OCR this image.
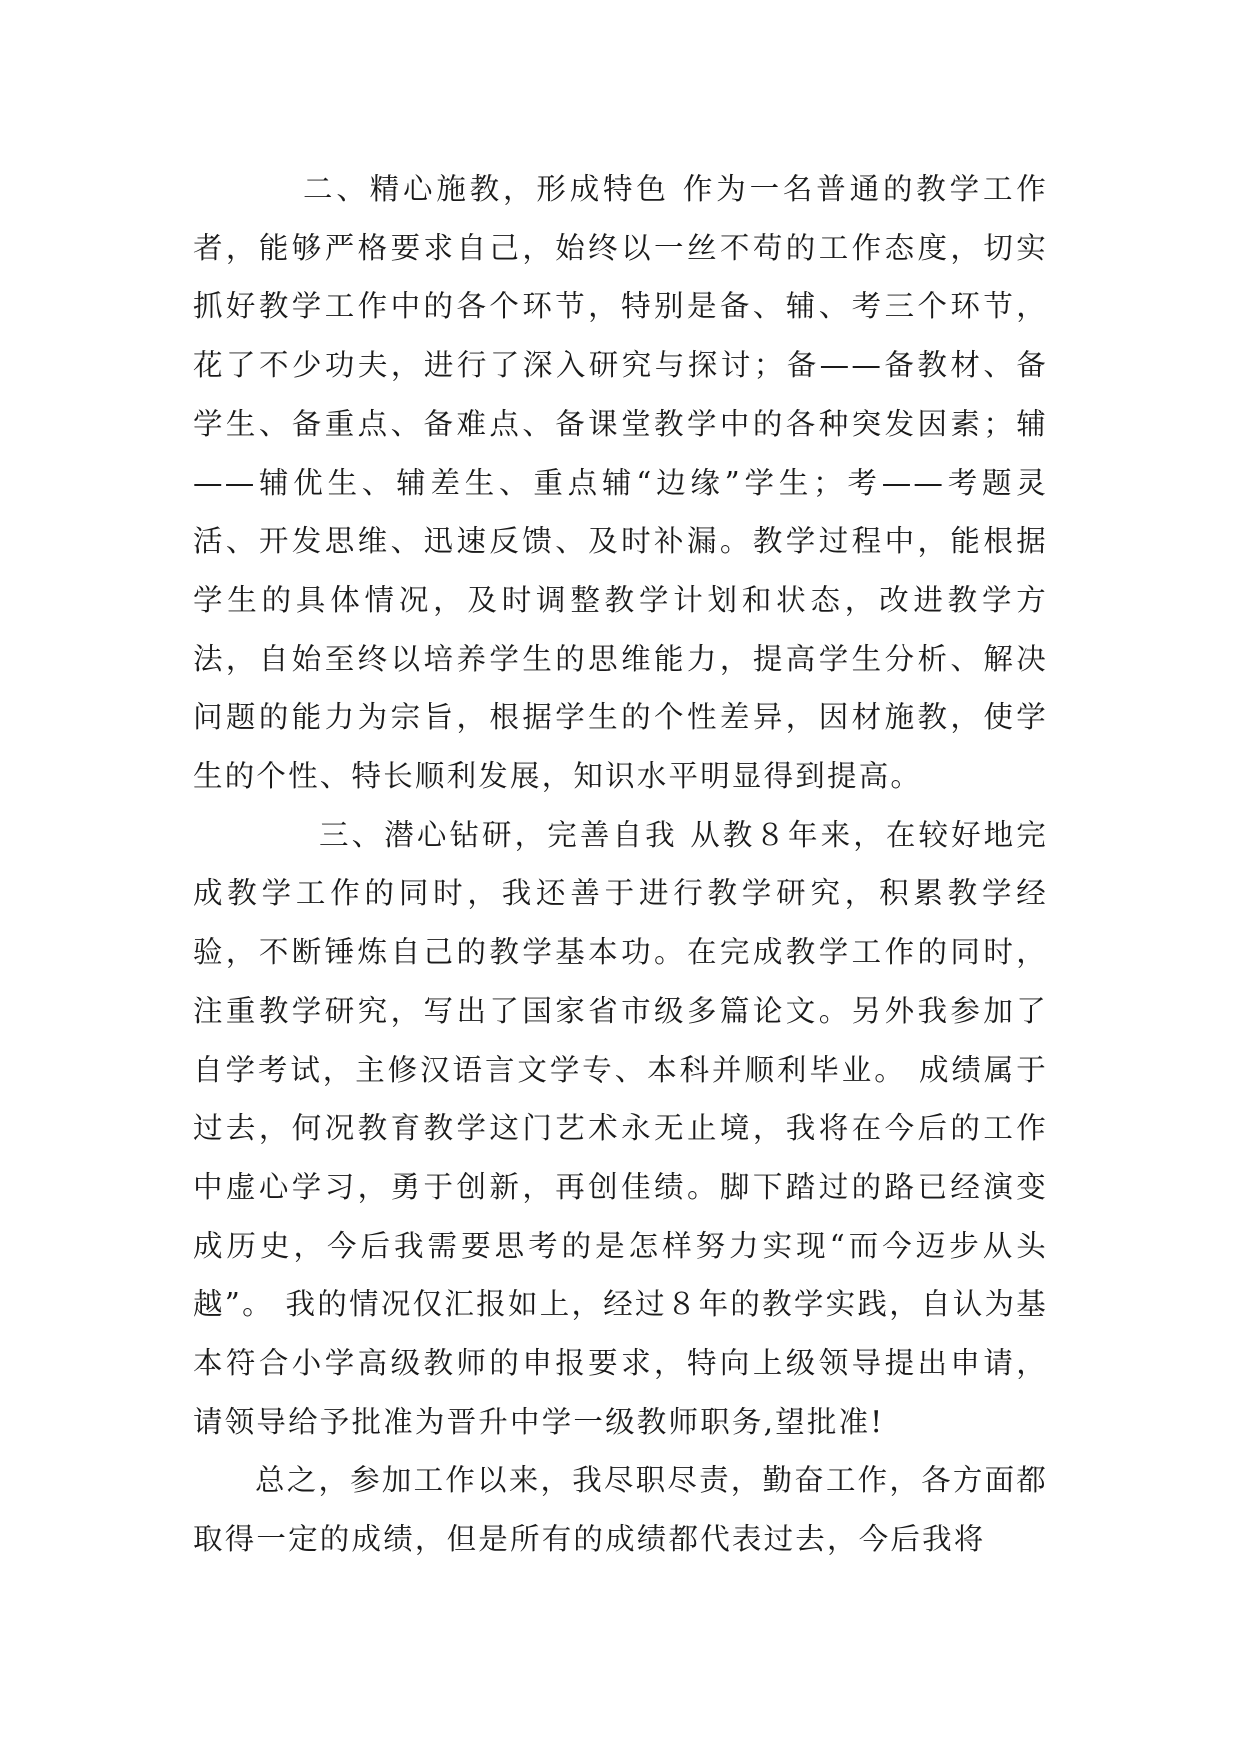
二、精心施教，形成特色 作为一名普通的教学工作者，能够严格要求自己，始终以一丝不苟的工作态度，切实抓好教学工作中的各个环节，特别是备、辅、考三个环节，花了不少功夫，进行了深入研究与探讨；备——备教材、备学生、备重点、备难点、备课堂教学中的各种突发因素；辅——辅优生、辅差生、重点辅“边缘”学生；考——考题灵活、开发思维、迅速反馈、及时补漏。教学过程中，能根据学生的具体情况，及时调整教学计划和状态，改进教学方法，自始至终以培养学生的思维能力，提高学生分析、解决问题的能力为宗旨，根据学生的个性差异，因材施教，使学生的个性、特长顺利发展，知识水平明显得到提高。

三、潜心钻研，完善自我 从教８年来，在较好地完成教学工作的同时，我还善于进行教学研究，积累教学经验，不断锤炼自己的教学基本功。在完成教学工作的同时，注重教学研究，写出了国家省市级多篇论文。另外我参加了自学考试，主修汉语言文学专、本科并顺利毕业。 成绩属于过去，何况教育教学这门艺术永无止境，我将在今后的工作中虚心学习，勇于创新，再创佳绩。脚下踏过的路已经演变成历史，今后我需要思考的是怎样努力实现“而今迈步从头越”。 我的情况仅汇报如上，经过８年的教学实践，自认为基本符合小学高级教师的申报要求，特向上级领导提出申请，请领导给予批准为晋升中学一级教师职务,望批准!

总之，参加工作以来，我尽职尽责，勤奋工作，各方面都取得一定的成绩，但是所有的成绩都代表过去，今后我将
